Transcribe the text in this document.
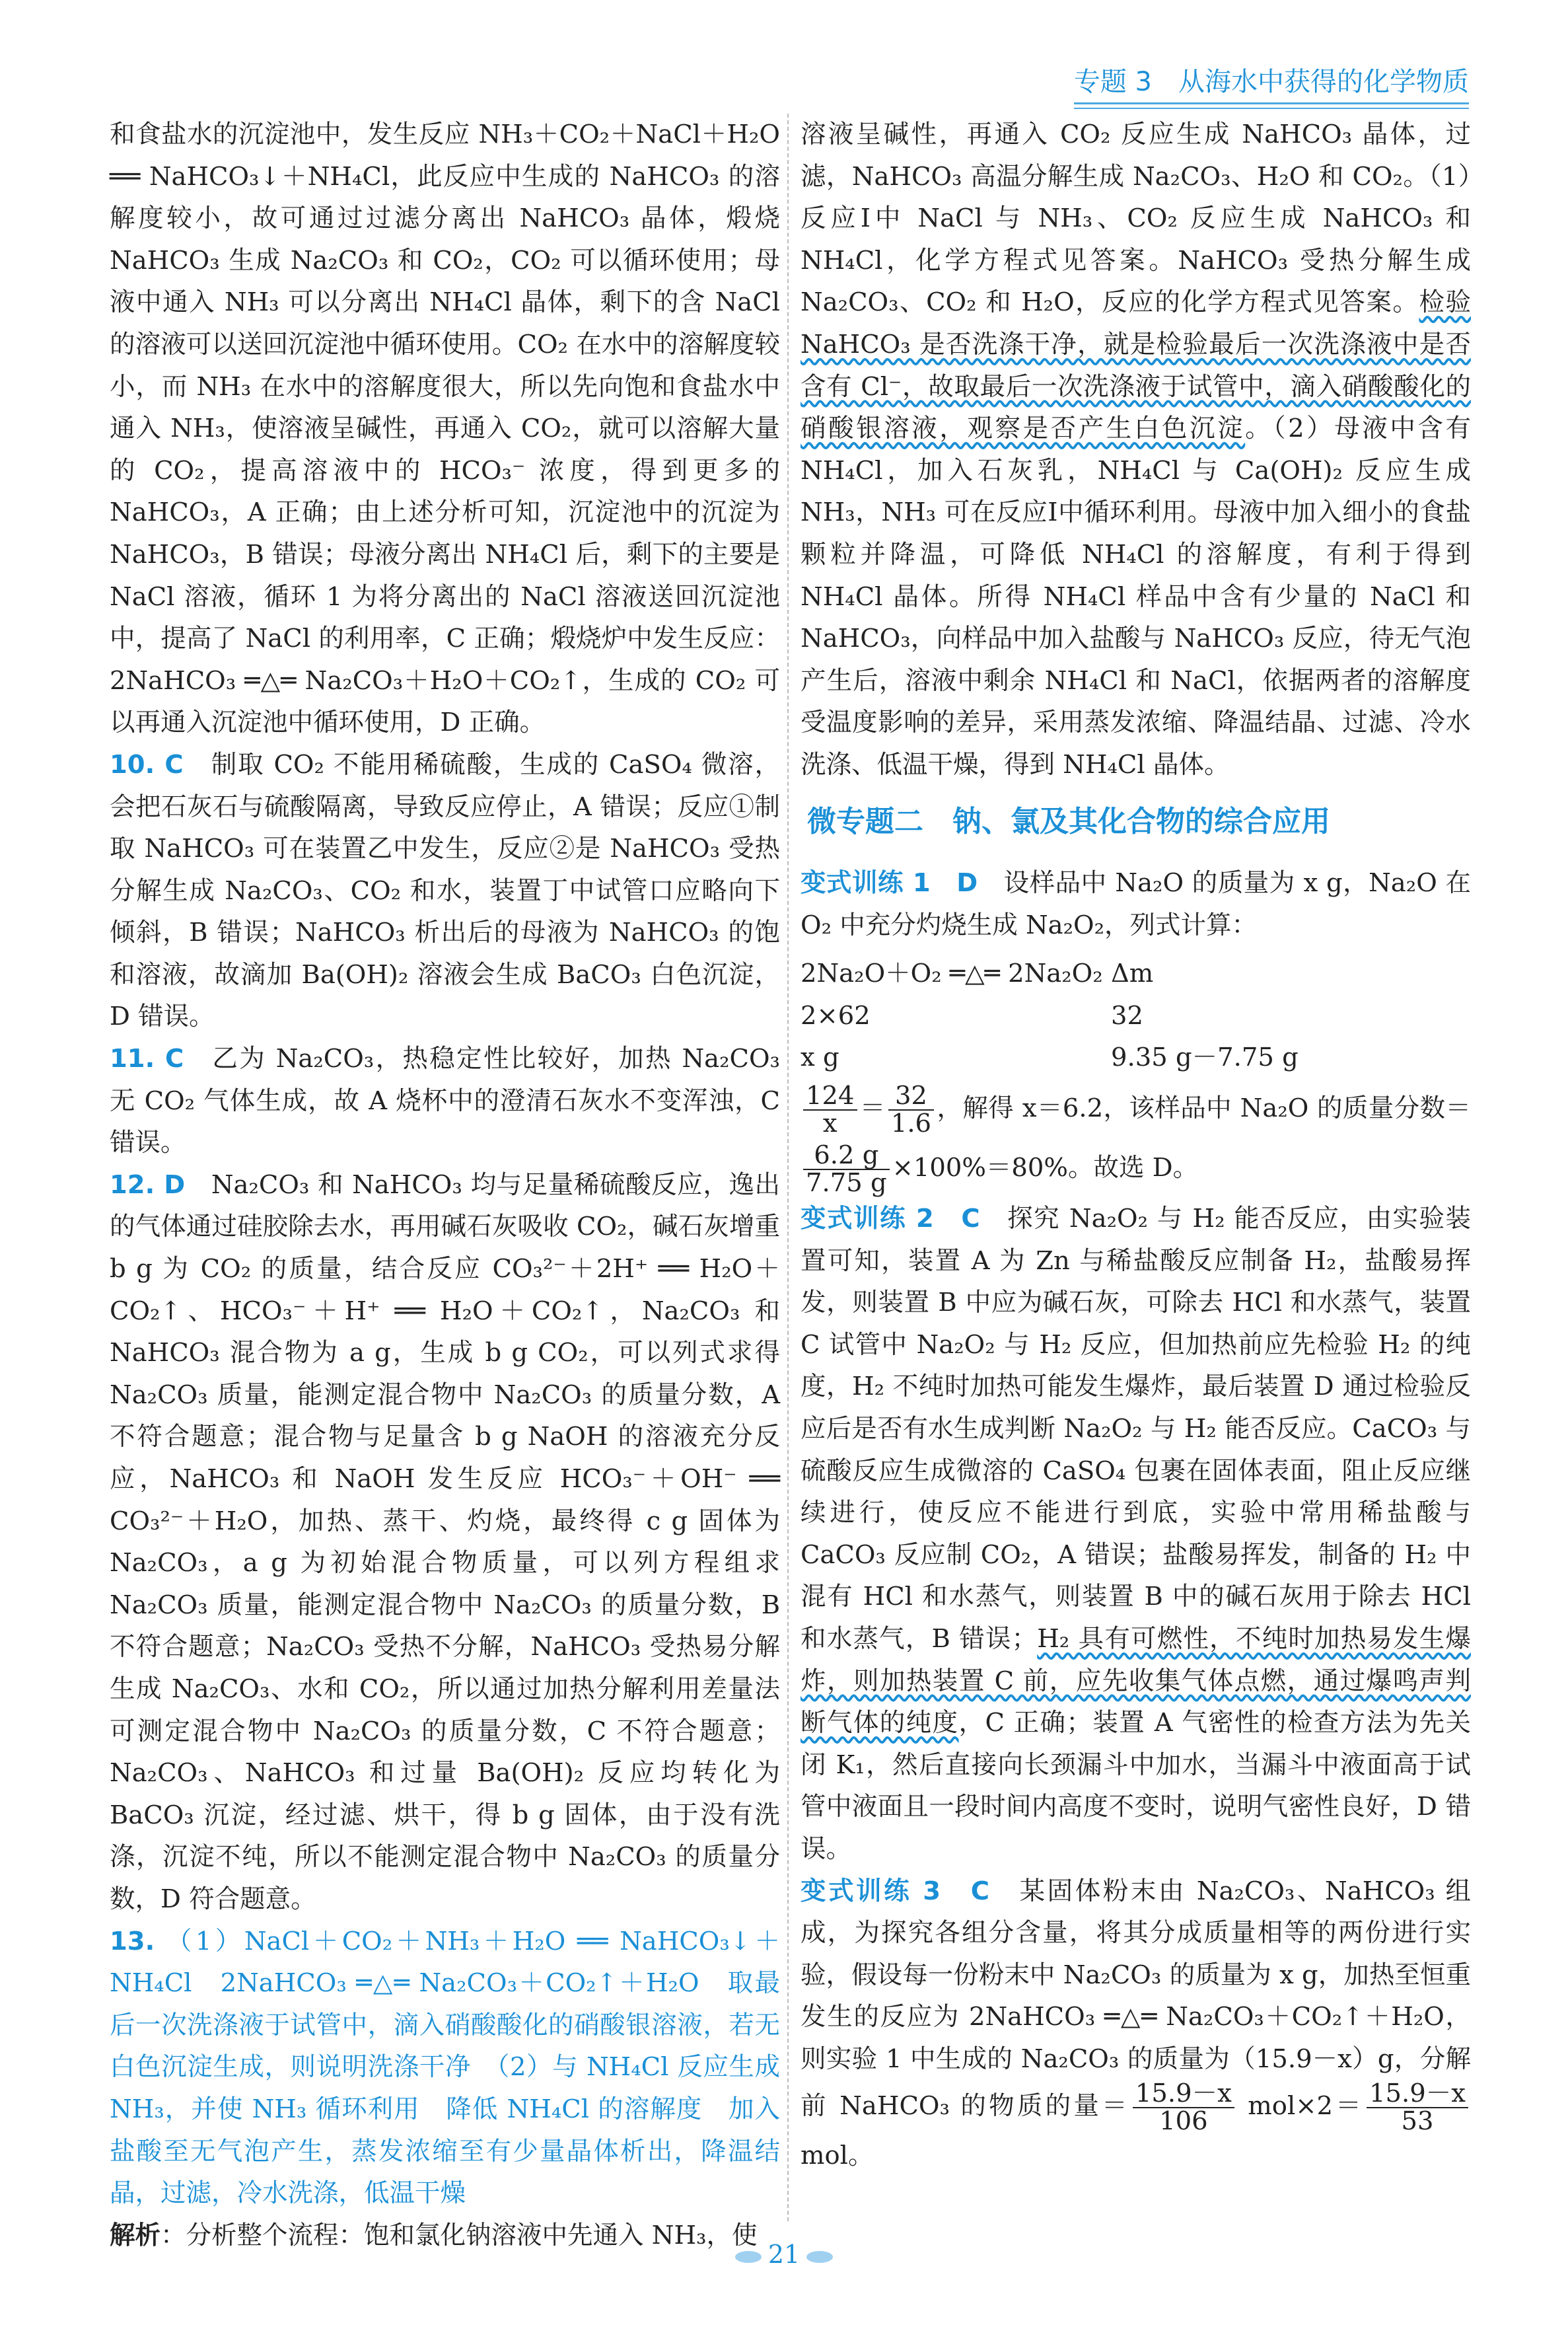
专题 3　从海水中获得的化学物质

和食盐水的沉淀池中，发生反应 NH₃＋CO₂＋NaCl＋H₂O ══ NaHCO₃↓＋NH₄Cl，此反应中生成的 NaHCO₃ 的溶解度较小，故可通过过滤分离出 NaHCO₃ 晶体，煅烧 NaHCO₃ 生成 Na₂CO₃ 和 CO₂，CO₂ 可以循环使用；母液中通入 NH₃ 可以分离出 NH₄Cl 晶体，剩下的含 NaCl 的溶液可以送回沉淀池中循环使用。CO₂ 在水中的溶解度较小，而 NH₃ 在水中的溶解度很大，所以先向饱和食盐水中通入 NH₃，使溶液呈碱性，再通入 CO₂，就可以溶解大量的 CO₂，提高溶液中的 HCO₃⁻ 浓度，得到更多的 NaHCO₃，A 正确；由上述分析可知，沉淀池中的沉淀为 NaHCO₃，B 错误；母液分离出 NH₄Cl 后，剩下的主要是 NaCl 溶液，循环 1 为将分离出的 NaCl 溶液送回沉淀池中，提高了 NaCl 的利用率，C 正确；煅烧炉中发生反应：2NaHCO₃ ═△═ Na₂CO₃＋H₂O＋CO₂↑，生成的 CO₂ 可以再通入沉淀池中循环使用，D 正确。

10. C　制取 CO₂ 不能用稀硫酸，生成的 CaSO₄ 微溶，会把石灰石与硫酸隔离，导致反应停止，A 错误；反应①制取 NaHCO₃ 可在装置乙中发生，反应②是 NaHCO₃ 受热分解生成 Na₂CO₃、CO₂ 和水，装置丁中试管口应略向下倾斜，B 错误；NaHCO₃ 析出后的母液为 NaHCO₃ 的饱和溶液，故滴加 Ba(OH)₂ 溶液会生成 BaCO₃ 白色沉淀，D 错误。

11. C　乙为 Na₂CO₃，热稳定性比较好，加热 Na₂CO₃ 无 CO₂ 气体生成，故 A 烧杯中的澄清石灰水不变浑浊，C 错误。

12. D　Na₂CO₃ 和 NaHCO₃ 均与足量稀硫酸反应，逸出的气体通过硅胶除去水，再用碱石灰吸收 CO₂，碱石灰增重 b g 为 CO₂ 的质量，结合反应 CO₃²⁻＋2H⁺ ══ H₂O＋CO₂↑、HCO₃⁻＋H⁺ ══ H₂O＋CO₂↑，Na₂CO₃ 和 NaHCO₃ 混合物为 a g，生成 b g CO₂，可以列式求得 Na₂CO₃ 质量，能测定混合物中 Na₂CO₃ 的质量分数，A 不符合题意；混合物与足量含 b g NaOH 的溶液充分反应，NaHCO₃ 和 NaOH 发生反应 HCO₃⁻＋OH⁻ ══ CO₃²⁻＋H₂O，加热、蒸干、灼烧，最终得 c g 固体为 Na₂CO₃，a g 为初始混合物质量，可以列方程组求 Na₂CO₃ 质量，能测定混合物中 Na₂CO₃ 的质量分数，B 不符合题意；Na₂CO₃ 受热不分解，NaHCO₃ 受热易分解生成 Na₂CO₃、水和 CO₂，所以通过加热分解利用差量法可测定混合物中 Na₂CO₃ 的质量分数，C 不符合题意；Na₂CO₃、NaHCO₃ 和过量 Ba(OH)₂ 反应均转化为 BaCO₃ 沉淀，经过滤、烘干，得 b g 固体，由于没有洗涤，沉淀不纯，所以不能测定混合物中 Na₂CO₃ 的质量分数，D 符合题意。

13. （1）NaCl＋CO₂＋NH₃＋H₂O ══ NaHCO₃↓＋NH₄Cl　2NaHCO₃ ═△═ Na₂CO₃＋CO₂↑＋H₂O　取最后一次洗涤液于试管中，滴入硝酸酸化的硝酸银溶液，若无白色沉淀生成，则说明洗涤干净　（2）与 NH₄Cl 反应生成 NH₃，并使 NH₃ 循环利用　降低 NH₄Cl 的溶解度　加入盐酸至无气泡产生，蒸发浓缩至有少量晶体析出，降温结晶，过滤，冷水洗涤，低温干燥

解析：分析整个流程：饱和氯化钠溶液中先通入 NH₃，使

溶液呈碱性，再通入 CO₂ 反应生成 NaHCO₃ 晶体，过滤，NaHCO₃ 高温分解生成 Na₂CO₃、H₂O 和 CO₂。（1）反应Ⅰ中 NaCl 与 NH₃、CO₂ 反应生成 NaHCO₃ 和 NH₄Cl，化学方程式见答案。NaHCO₃ 受热分解生成 Na₂CO₃、CO₂ 和 H₂O，反应的化学方程式见答案。检验 NaHCO₃ 是否洗涤干净，就是检验最后一次洗涤液中是否含有 Cl⁻，故取最后一次洗涤液于试管中，滴入硝酸酸化的硝酸银溶液，观察是否产生白色沉淀。（2）母液中含有 NH₄Cl，加入石灰乳，NH₄Cl 与 Ca(OH)₂ 反应生成 NH₃，NH₃ 可在反应Ⅰ中循环利用。母液中加入细小的食盐颗粒并降温，可降低 NH₄Cl 的溶解度，有利于得到 NH₄Cl 晶体。所得 NH₄Cl 样品中含有少量的 NaCl 和 NaHCO₃，向样品中加入盐酸与 NaHCO₃ 反应，待无气泡产生后，溶液中剩余 NH₄Cl 和 NaCl，依据两者的溶解度受温度影响的差异，采用蒸发浓缩、降温结晶、过滤、冷水洗涤、低温干燥，得到 NH₄Cl 晶体。

微专题二　钠、氯及其化合物的综合应用

变式训练 1　D　设样品中 Na₂O 的质量为 x g，Na₂O 在 O₂ 中充分灼烧生成 Na₂O₂，列式计算：

2Na₂O＋O₂ ═△═ 2Na₂O₂ Δm
2×62	32
x g	9.35 g－7.75 g

$\frac{124}{x} = \frac{32}{1.6}$ ，解得 x＝6.2，该样品中 Na₂O 的质量分数＝
$\frac{6.2 g}{7.75 g} \times 100\%=80\%$。故选 D。

变式训练 2　C　探究 Na₂O₂ 与 H₂ 能否反应，由实验装置可知，装置 A 为 Zn 与稀盐酸反应制备 H₂，盐酸易挥发，则装置 B 中应为碱石灰，可除去 HCl 和水蒸气，装置 C 试管中 Na₂O₂ 与 H₂ 反应，但加热前应先检验 H₂ 的纯度，H₂ 不纯时加热可能发生爆炸，最后装置 D 通过检验反应后是否有水生成判断 Na₂O₂ 与 H₂ 能否反应。CaCO₃ 与硫酸反应生成微溶的 CaSO₄ 包裹在固体表面，阻止反应继续进行，使反应不能进行到底，实验中常用稀盐酸与 CaCO₃ 反应制 CO₂，A 错误；盐酸易挥发，制备的 H₂ 中混有 HCl 和水蒸气，则装置 B 中的碱石灰用于除去 HCl 和水蒸气，B 错误；H₂ 具有可燃性，不纯时加热易发生爆炸，则加热装置 C 前，应先收集气体点燃，通过爆鸣声判断气体的纯度，C 正确；装置 A 气密性的检查方法为先关闭 K₁，然后直接向长颈漏斗中加水，当漏斗中液面高于试管中液面且一段时间内高度不变时，说明气密性良好，D 错误。

变式训练 3　C　某固体粉末由 Na₂CO₃、NaHCO₃ 组成，为探究各组分含量，将其分成质量相等的两份进行实验，假设每一份粉末中 Na₂CO₃ 的质量为 x g，加热至恒重发生的反应为 2NaHCO₃ ═△═ Na₂CO₃＋CO₂↑＋H₂O，则实验 1 中生成的 Na₂CO₃ 的质量为（15.9－x）g，分解前 NaHCO₃ 的物质的量＝ $\frac{15.9-x}{106} mol\times 2= \frac{15.9-x}{53}$
mol。

21
